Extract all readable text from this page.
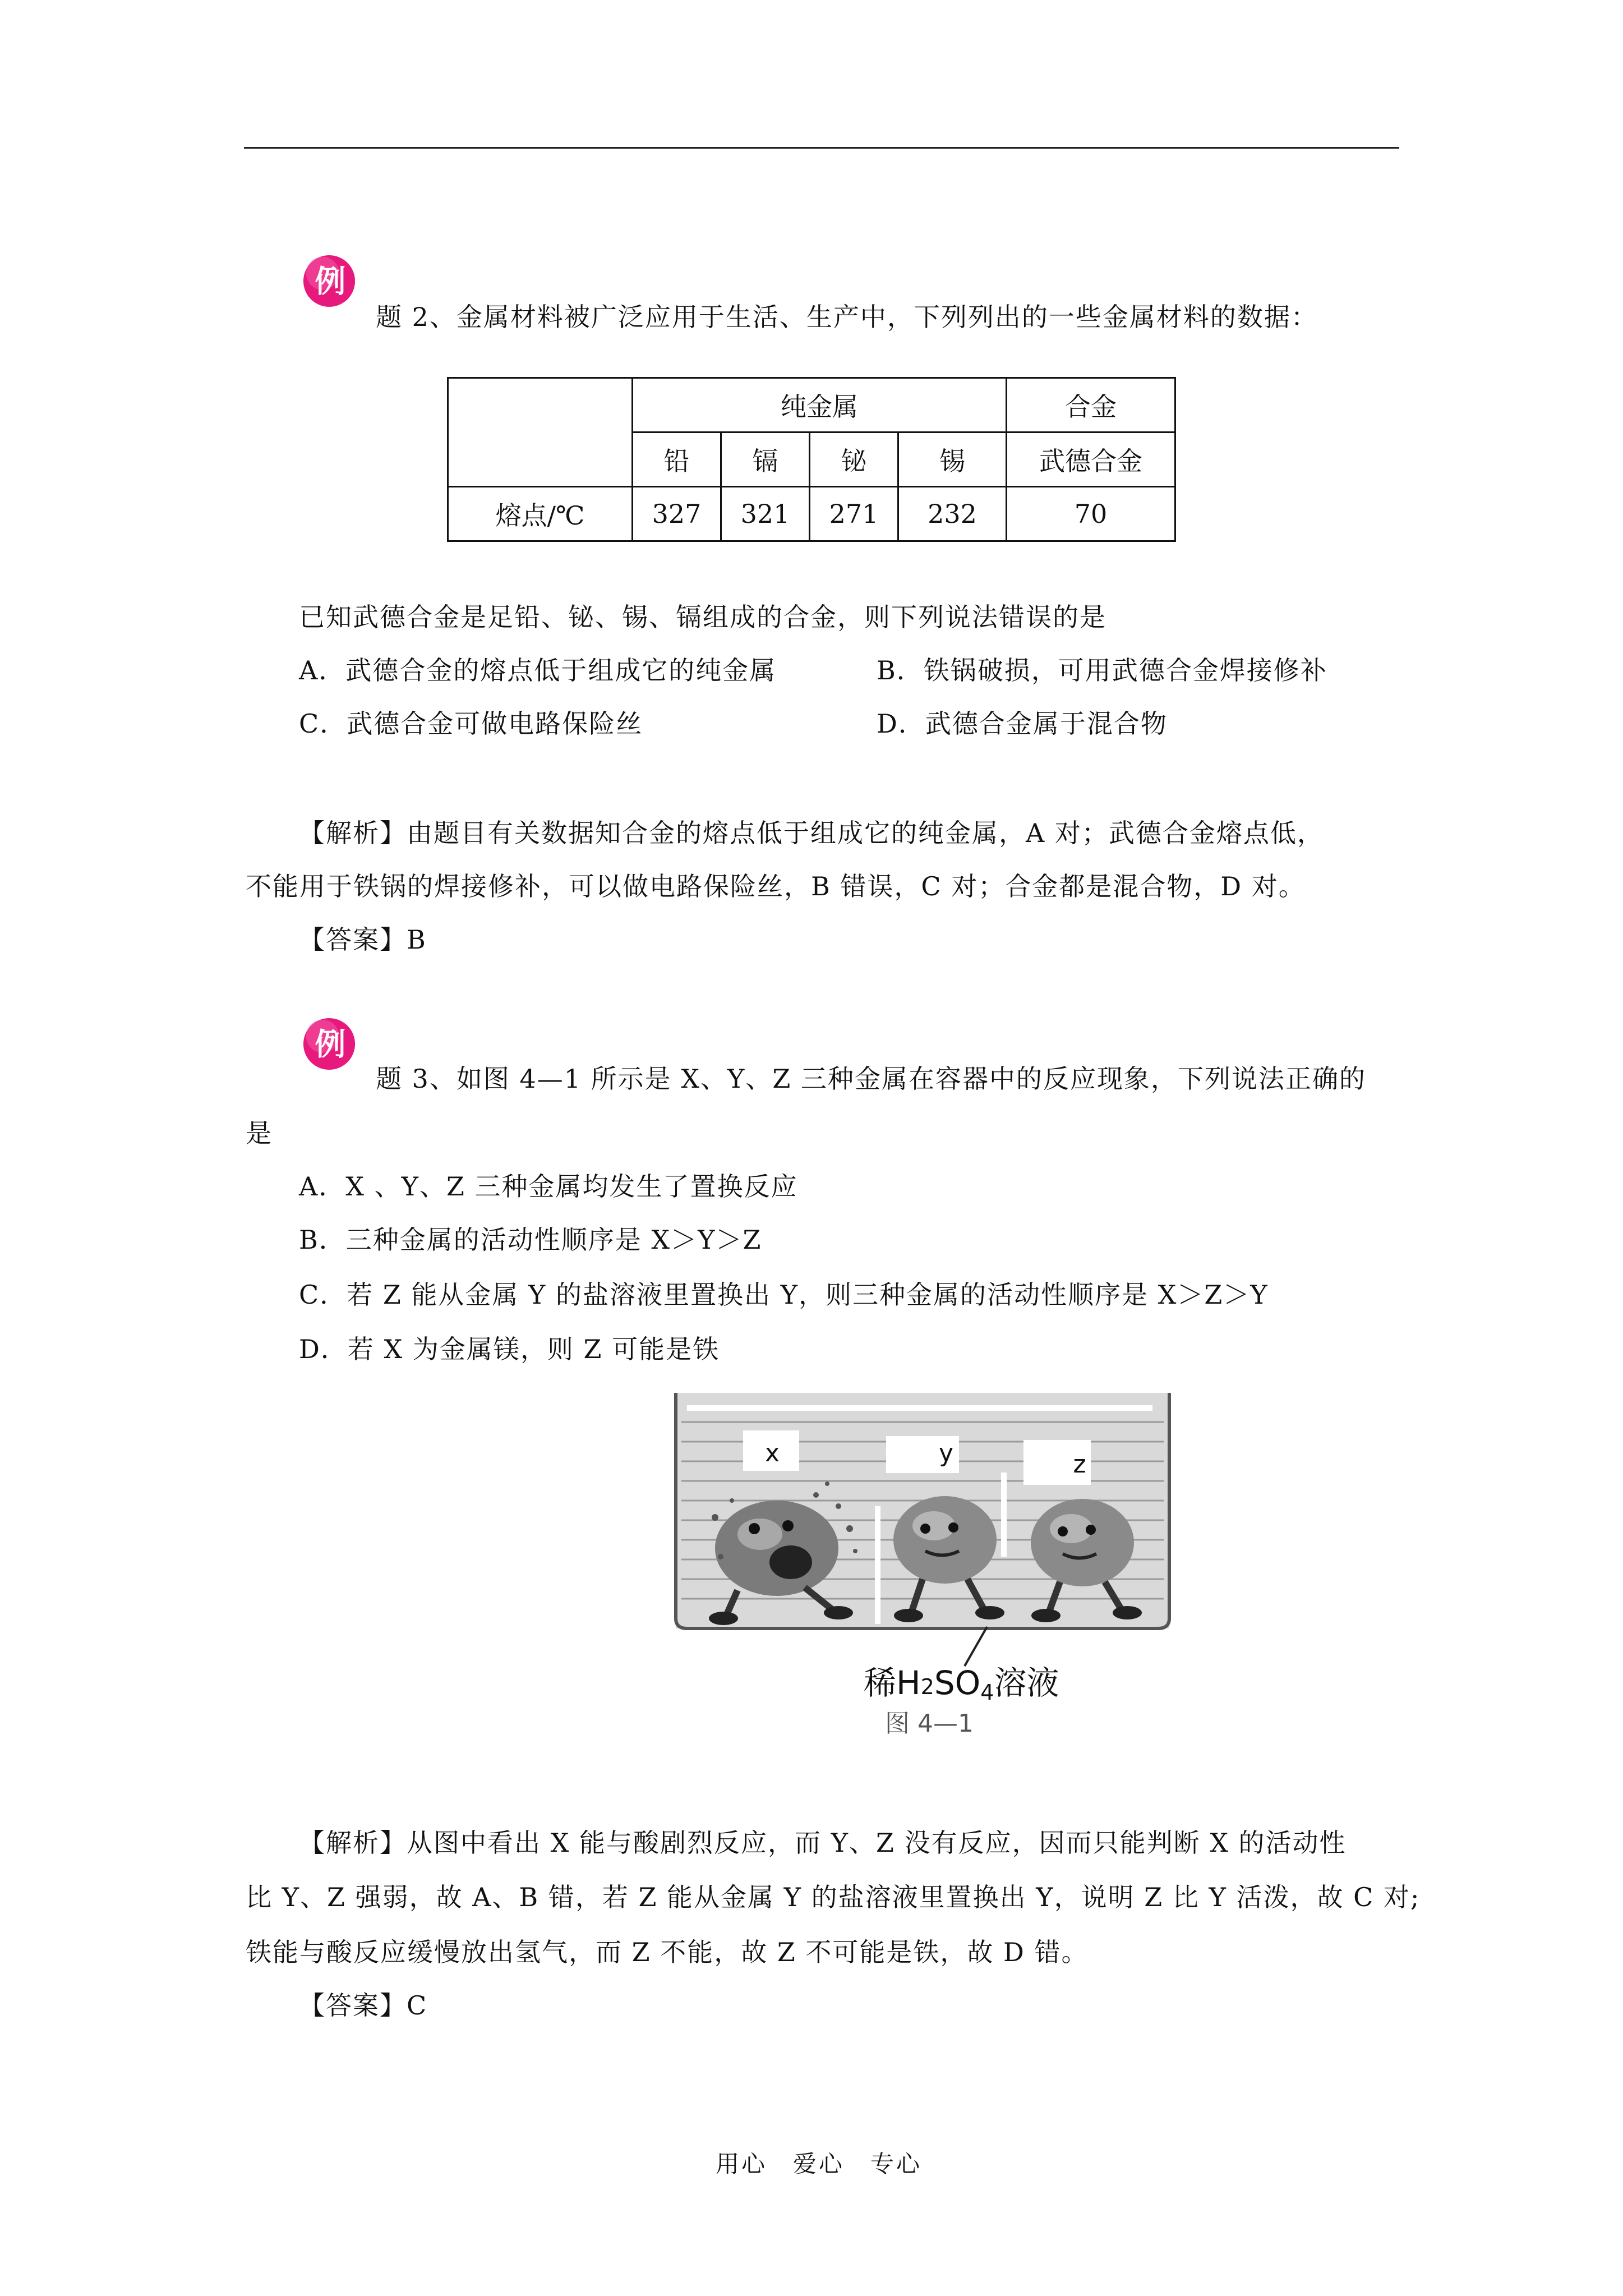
例
题 2、金属材料被广泛应用于生活、生产中，下列列出的一些金属材料的数据：
	纯金属				合金
	铅	镉	铋	锡	武德合金
熔点/℃	327	321	271	232	70
已知武德合金是足铅、铋、锡、镉组成的合金，则下列说法错误的是
A．武德合金的熔点低于组成它的纯金属	B．铁锅破损，可用武德合金焊接修补
C．武德合金可做电路保险丝	D．武德合金属于混合物
【解析】由题目有关数据知合金的熔点低于组成它的纯金属，A 对；武德合金熔点低，
不能用于铁锅的焊接修补，可以做电路保险丝，B 错误，C 对；合金都是混合物，D 对。
【答案】B
例
题 3、如图 4—1 所示是 X、Y、Z 三种金属在容器中的反应现象，下列说法正确的
是
A．X 、Y、Z 三种金属均发生了置换反应
B．三种金属的活动性顺序是 X＞Y＞Z
C．若 Z 能从金属 Y 的盐溶液里置换出 Y，则三种金属的活动性顺序是 X＞Z＞Y
D．若 X 为金属镁，则 Z 可能是铁
x	y	z
稀H2SO4溶液
图 4—1
【解析】从图中看出 X 能与酸剧烈反应，而 Y、Z 没有反应，因而只能判断 X 的活动性
比 Y、Z 强弱，故 A、B 错，若 Z 能从金属 Y 的盐溶液里置换出 Y，说明 Z 比 Y 活泼，故 C 对;
铁能与酸反应缓慢放出氢气，而 Z 不能，故 Z 不可能是铁，故 D 错。
【答案】C
用心　爱心　专心
